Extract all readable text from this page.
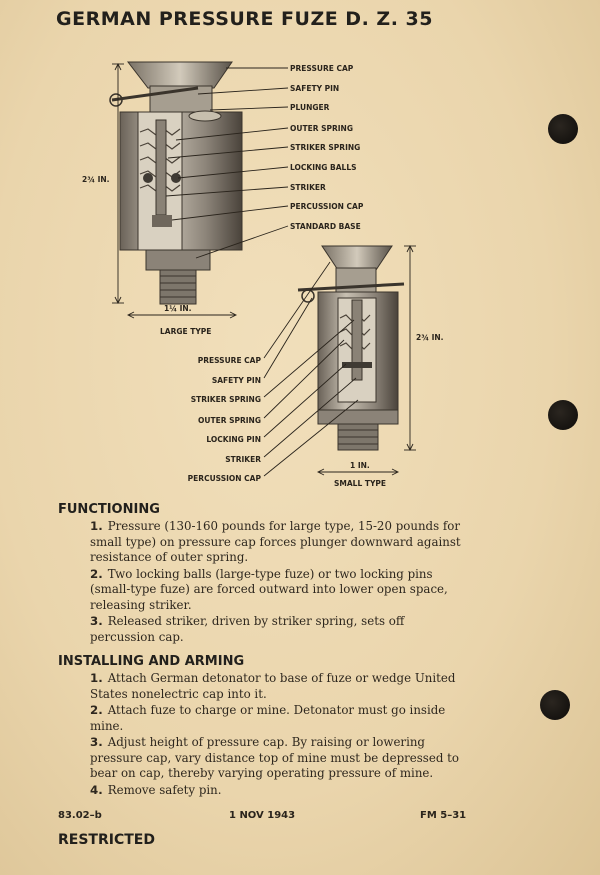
GERMAN PRESSURE FUZE D. Z. 35
PRESSURE CAP
SAFETY PIN
PLUNGER
OUTER SPRING
STRIKER SPRING
LOCKING BALLS
STRIKER
PERCUSSION CAP
STANDARD BASE
2¾ IN.
1¼ IN.
LARGE TYPE
PRESSURE CAP
SAFETY PIN
STRIKER SPRING
OUTER SPRING
LOCKING PIN
STRIKER
PERCUSSION CAP
2¾ IN.
1 IN.
SMALL TYPE
FUNCTIONING
1. Pressure (130-160 pounds for large type, 15-20 pounds for small type) on pressure cap forces plunger downward against resistance of outer spring.
2. Two locking balls (large-type fuze) or two locking pins (small-type fuze) are forced outward into lower open space, releasing striker.
3. Released striker, driven by striker spring, sets off percussion cap.
INSTALLING AND ARMING
1. Attach German detonator to base of fuze or wedge United States nonelectric cap into it.
2. Attach fuze to charge or mine. Detonator must go inside mine.
3. Adjust height of pressure cap. By raising or lowering pressure cap, vary distance top of mine must be depressed to bear on cap, thereby varying operating pressure of mine.
4. Remove safety pin.
83.02–b	1 NOV 1943	FM 5–31
RESTRICTED
